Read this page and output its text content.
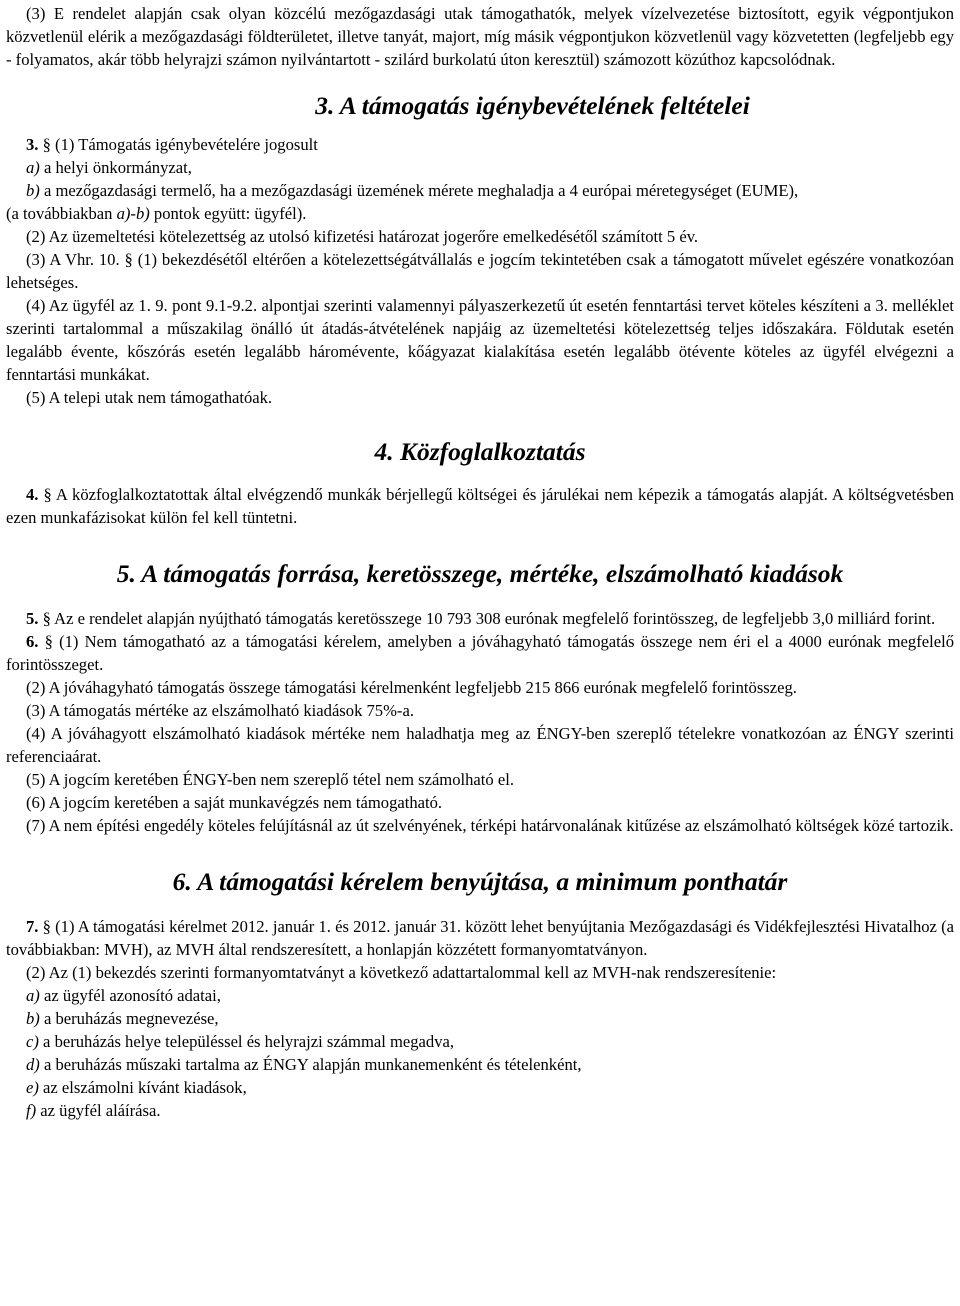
(3) E rendelet alapján csak olyan közcélú mezőgazdasági utak támogathatók, melyek vízelvezetése biztosított, egyik végpontjukon közvetlenül elérik a mezőgazdasági földterületet, illetve tanyát, majort, míg másik végpontjukon közvetlenül vagy közvetetten (legfeljebb egy - folyamatos, akár több helyrajzi számon nyilvántartott - szilárd burkolatú úton keresztül) számozott közúthoz kapcsolódnak.

3. A támogatás igénybevételének feltételei

3. § (1) Támogatás igénybevételére jogosult

a) a helyi önkormányzat,

b) a mezőgazdasági termelő, ha a mezőgazdasági üzemének mérete meghaladja a 4 európai méretegységet (EUME),

(a továbbiakban a)-b) pontok együtt: ügyfél).

(2) Az üzemeltetési kötelezettség az utolsó kifizetési határozat jogerőre emelkedésétől számított 5 év.

(3) A Vhr. 10. § (1) bekezdésétől eltérően a kötelezettségátvállalás e jogcím tekintetében csak a támogatott művelet egészére vonatkozóan lehetséges.

(4) Az ügyfél az 1. 9. pont 9.1-9.2. alpontjai szerinti valamennyi pályaszerkezetű út esetén fenntartási tervet köteles készíteni a 3. melléklet szerinti tartalommal a műszakilag önálló út átadás-átvételének napjáig az üzemeltetési kötelezettség teljes időszakára. Földutak esetén legalább évente, kőszórás esetén legalább háromévente, kőágyazat kialakítása esetén legalább ötévente köteles az ügyfél elvégezni a fenntartási munkákat.

(5) A telepi utak nem támogathatóak.

4. Közfoglalkoztatás

4. § A közfoglalkoztatottak által elvégzendő munkák bérjellegű költségei és járulékai nem képezik a támogatás alapját. A költségvetésben ezen munkafázisokat külön fel kell tüntetni.

5. A támogatás forrása, keretösszege, mértéke, elszámolható kiadások

5. § Az e rendelet alapján nyújtható támogatás keretösszege 10 793 308 eurónak megfelelő forintösszeg, de legfeljebb 3,0 milliárd forint.

6. § (1) Nem támogatható az a támogatási kérelem, amelyben a jóváhagyható támogatás összege nem éri el a 4000 eurónak megfelelő forintösszeget.

(2) A jóváhagyható támogatás összege támogatási kérelmenként legfeljebb 215 866 eurónak megfelelő forintösszeg.

(3) A támogatás mértéke az elszámolható kiadások 75%-a.

(4) A jóváhagyott elszámolható kiadások mértéke nem haladhatja meg az ÉNGY-ben szereplő tételekre vonatkozóan az ÉNGY szerinti referenciaárat.

(5) A jogcím keretében ÉNGY-ben nem szereplő tétel nem számolható el.

(6) A jogcím keretében a saját munkavégzés nem támogatható.

(7) A nem építési engedély köteles felújításnál az út szelvényének, térképi határvonalának kitűzése az elszámolható költségek közé tartozik.

6. A támogatási kérelem benyújtása, a minimum ponthatár

7. § (1) A támogatási kérelmet 2012. január 1. és 2012. január 31. között lehet benyújtania Mezőgazdasági és Vidékfejlesztési Hivatalhoz (a továbbiakban: MVH), az MVH által rendszeresített, a honlapján közzétett formanyomtatványon.

(2) Az (1) bekezdés szerinti formanyomtatványt a következő adattartalommal kell az MVH-nak rendszeresítenie:

a) az ügyfél azonosító adatai,

b) a beruházás megnevezése,

c) a beruházás helye településsel és helyrajzi számmal megadva,

d) a beruházás műszaki tartalma az ÉNGY alapján munkanemenként és tételenként,

e) az elszámolni kívánt kiadások,

f) az ügyfél aláírása.
